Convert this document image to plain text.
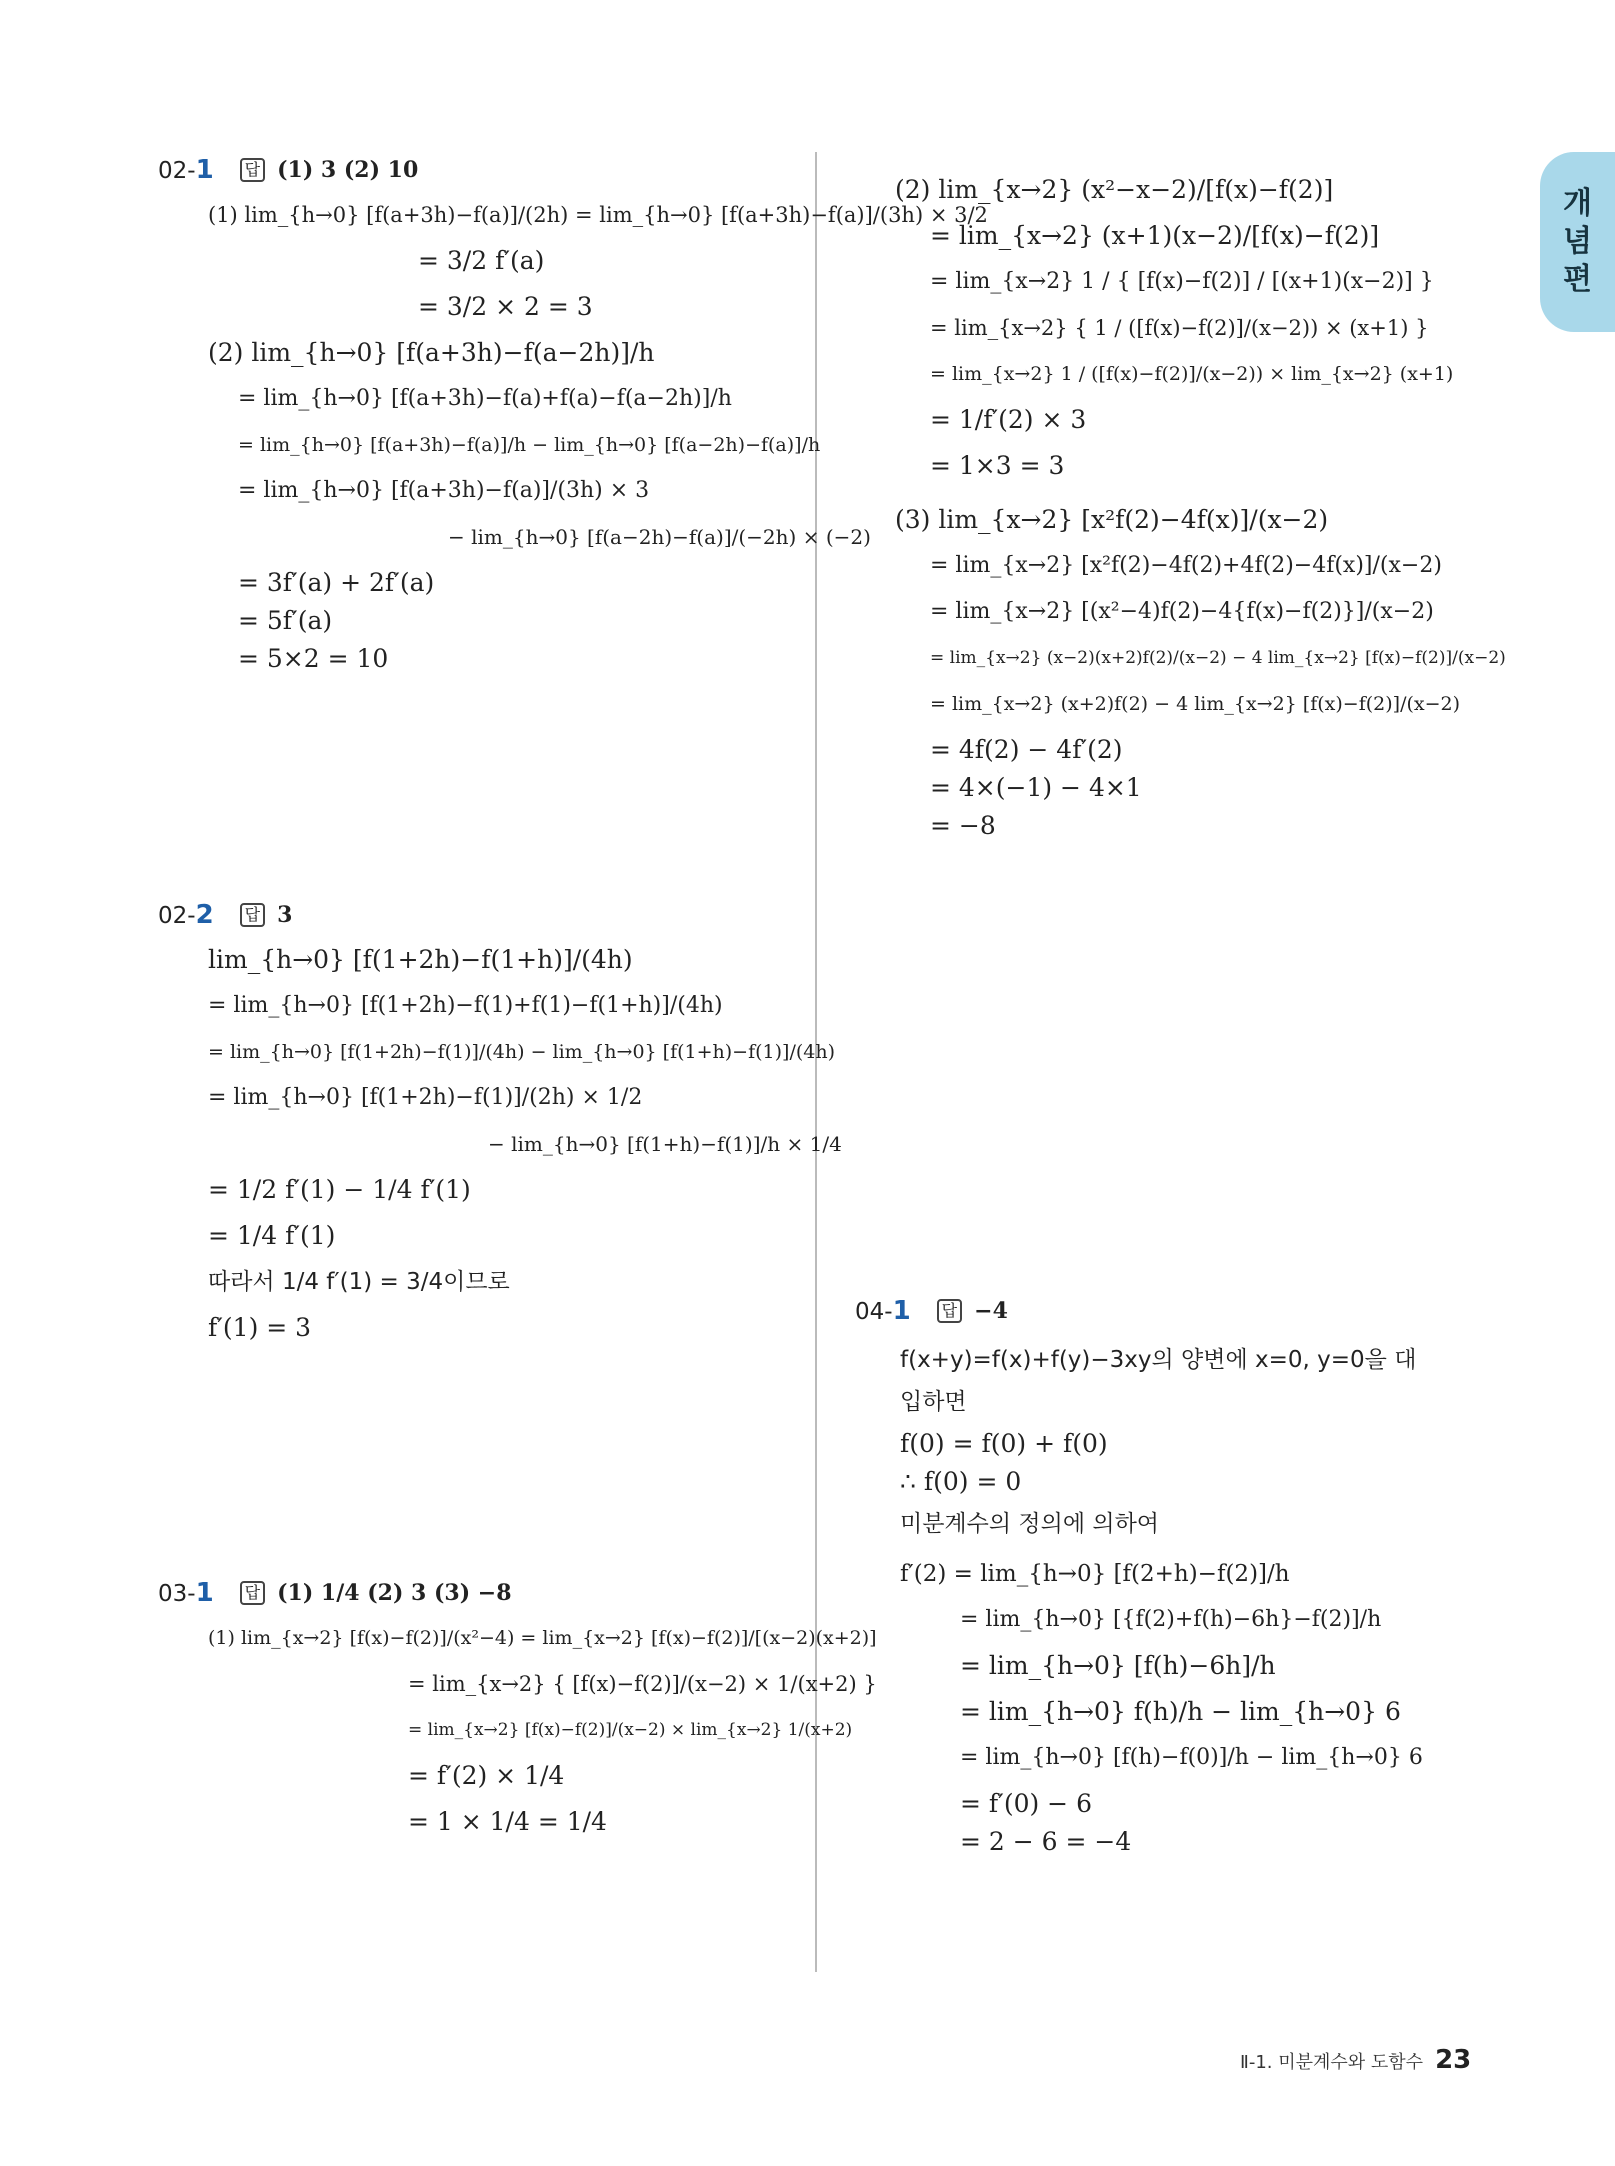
개
념
편
02-1	답 (1) 3 (2) 10
(1) lim_{h→0} [f(a+3h)−f(a)]/(2h) = lim_{h→0} [f(a+3h)−f(a)]/(3h) × 3/2
= 3/2 f′(a)
= 3/2 × 2 = 3
(2) lim_{h→0} [f(a+3h)−f(a−2h)]/h
= lim_{h→0} [f(a+3h)−f(a)+f(a)−f(a−2h)]/h
= lim_{h→0} [f(a+3h)−f(a)]/h − lim_{h→0} [f(a−2h)−f(a)]/h
= lim_{h→0} [f(a+3h)−f(a)]/(3h) × 3
− lim_{h→0} [f(a−2h)−f(a)]/(−2h) × (−2)
= 3f′(a) + 2f′(a)
= 5f′(a)
= 5×2 = 10
02-2	답 3
lim_{h→0} [f(1+2h)−f(1+h)]/(4h)
= lim_{h→0} [f(1+2h)−f(1)+f(1)−f(1+h)]/(4h)
= lim_{h→0} [f(1+2h)−f(1)]/(4h) − lim_{h→0} [f(1+h)−f(1)]/(4h)
= lim_{h→0} [f(1+2h)−f(1)]/(2h) × 1/2
− lim_{h→0} [f(1+h)−f(1)]/h × 1/4
= 1/2 f′(1) − 1/4 f′(1)
= 1/4 f′(1)
따라서 1/4 f′(1) = 3/4이므로
f′(1) = 3
03-1	답 (1) 1/4 (2) 3 (3) −8
(1) lim_{x→2} [f(x)−f(2)]/(x²−4) = lim_{x→2} [f(x)−f(2)]/[(x−2)(x+2)]
= lim_{x→2} { [f(x)−f(2)]/(x−2) × 1/(x+2) }
= lim_{x→2} [f(x)−f(2)]/(x−2) × lim_{x→2} 1/(x+2)
= f′(2) × 1/4
= 1 × 1/4 = 1/4
(2) lim_{x→2} (x²−x−2)/[f(x)−f(2)]
= lim_{x→2} (x+1)(x−2)/[f(x)−f(2)]
= lim_{x→2} 1 / { [f(x)−f(2)] / [(x+1)(x−2)] }
= lim_{x→2} { 1 / ([f(x)−f(2)]/(x−2)) × (x+1) }
= lim_{x→2} 1 / ([f(x)−f(2)]/(x−2)) × lim_{x→2} (x+1)
= 1/f′(2) × 3
= 1×3 = 3
(3) lim_{x→2} [x²f(2)−4f(x)]/(x−2)
= lim_{x→2} [x²f(2)−4f(2)+4f(2)−4f(x)]/(x−2)
= lim_{x→2} [(x²−4)f(2)−4{f(x)−f(2)}]/(x−2)
= lim_{x→2} (x−2)(x+2)f(2)/(x−2) − 4 lim_{x→2} [f(x)−f(2)]/(x−2)
= lim_{x→2} (x+2)f(2) − 4 lim_{x→2} [f(x)−f(2)]/(x−2)
= 4f(2) − 4f′(2)
= 4×(−1) − 4×1
= −8
04-1	답 −4
f(x+y)=f(x)+f(y)−3xy의 양변에 x=0, y=0을 대
입하면
f(0) = f(0) + f(0)
∴ f(0) = 0
미분계수의 정의에 의하여
f′(2) = lim_{h→0} [f(2+h)−f(2)]/h
= lim_{h→0} [{f(2)+f(h)−6h}−f(2)]/h
= lim_{h→0} [f(h)−6h]/h
= lim_{h→0} f(h)/h − lim_{h→0} 6
= lim_{h→0} [f(h)−f(0)]/h − lim_{h→0} 6
= f′(0) − 6
= 2 − 6 = −4
Ⅱ-1. 미분계수와 도함수 23
